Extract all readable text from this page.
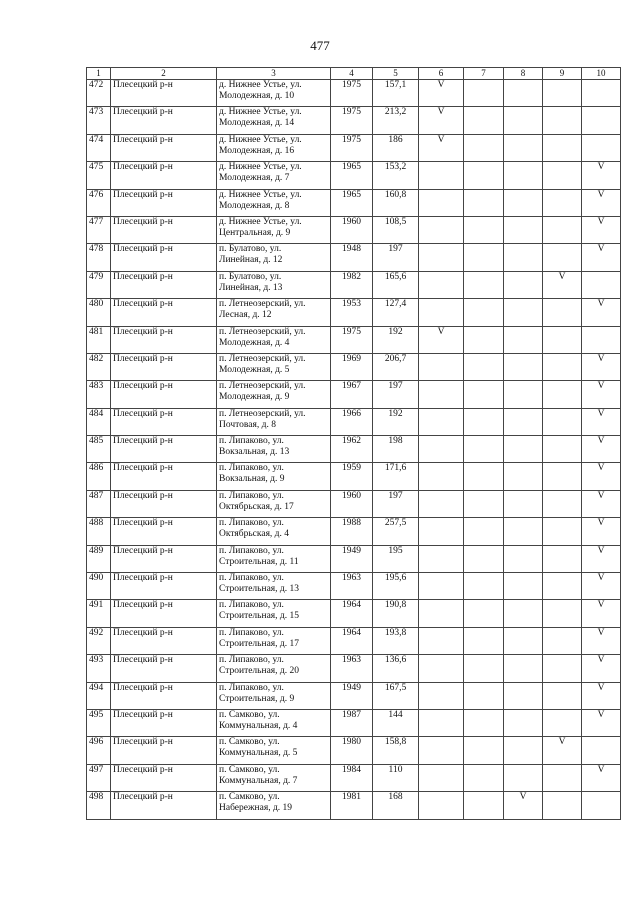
477
1	2	3	4	5	6	7	8	9	10
472	Плесецкий р-н	д. Нижнее Устье, ул.
Молодежная, д. 10	1975	157,1	V				
473	Плесецкий р-н	д. Нижнее Устье, ул.
Молодежная, д. 14	1975	213,2	V				
474	Плесецкий р-н	д. Нижнее Устье, ул.
Молодежная, д. 16	1975	186	V				
475	Плесецкий р-н	д. Нижнее Устье, ул.
Молодежная, д. 7	1965	153,2					V
476	Плесецкий р-н	д. Нижнее Устье, ул.
Молодежная, д. 8	1965	160,8					V
477	Плесецкий р-н	д. Нижнее Устье, ул.
Центральная, д. 9	1960	108,5					V
478	Плесецкий р-н	п. Булатово, ул.
Линейная, д. 12	1948	197					V
479	Плесецкий р-н	п. Булатово, ул.
Линейная, д. 13	1982	165,6				V	
480	Плесецкий р-н	п. Летнеозерский, ул.
Лесная, д. 12	1953	127,4					V
481	Плесецкий р-н	п. Летнеозерский, ул.
Молодежная, д. 4	1975	192	V				
482	Плесецкий р-н	п. Летнеозерский, ул.
Молодежная, д. 5	1969	206,7					V
483	Плесецкий р-н	п. Летнеозерский, ул.
Молодежная, д. 9	1967	197					V
484	Плесецкий р-н	п. Летнеозерский, ул.
Почтовая, д. 8	1966	192					V
485	Плесецкий р-н	п. Липаково, ул.
Вокзальная, д. 13	1962	198					V
486	Плесецкий р-н	п. Липаково, ул.
Вокзальная, д. 9	1959	171,6					V
487	Плесецкий р-н	п. Липаково, ул.
Октябрьская, д. 17	1960	197					V
488	Плесецкий р-н	п. Липаково, ул.
Октябрьская, д. 4	1988	257,5					V
489	Плесецкий р-н	п. Липаково, ул.
Строительная, д. 11	1949	195					V
490	Плесецкий р-н	п. Липаково, ул.
Строительная, д. 13	1963	195,6					V
491	Плесецкий р-н	п. Липаково, ул.
Строительная, д. 15	1964	190,8					V
492	Плесецкий р-н	п. Липаково, ул.
Строительная, д. 17	1964	193,8					V
493	Плесецкий р-н	п. Липаково, ул.
Строительная, д. 20	1963	136,6					V
494	Плесецкий р-н	п. Липаково, ул.
Строительная, д. 9	1949	167,5					V
495	Плесецкий р-н	п. Самково, ул.
Коммунальная, д. 4	1987	144					V
496	Плесецкий р-н	п. Самково, ул.
Коммунальная, д. 5	1980	158,8				V	
497	Плесецкий р-н	п. Самково, ул.
Коммунальная, д. 7	1984	110					V
498	Плесецкий р-н	п. Самково, ул.
Набережная, д. 19	1981	168			V		
